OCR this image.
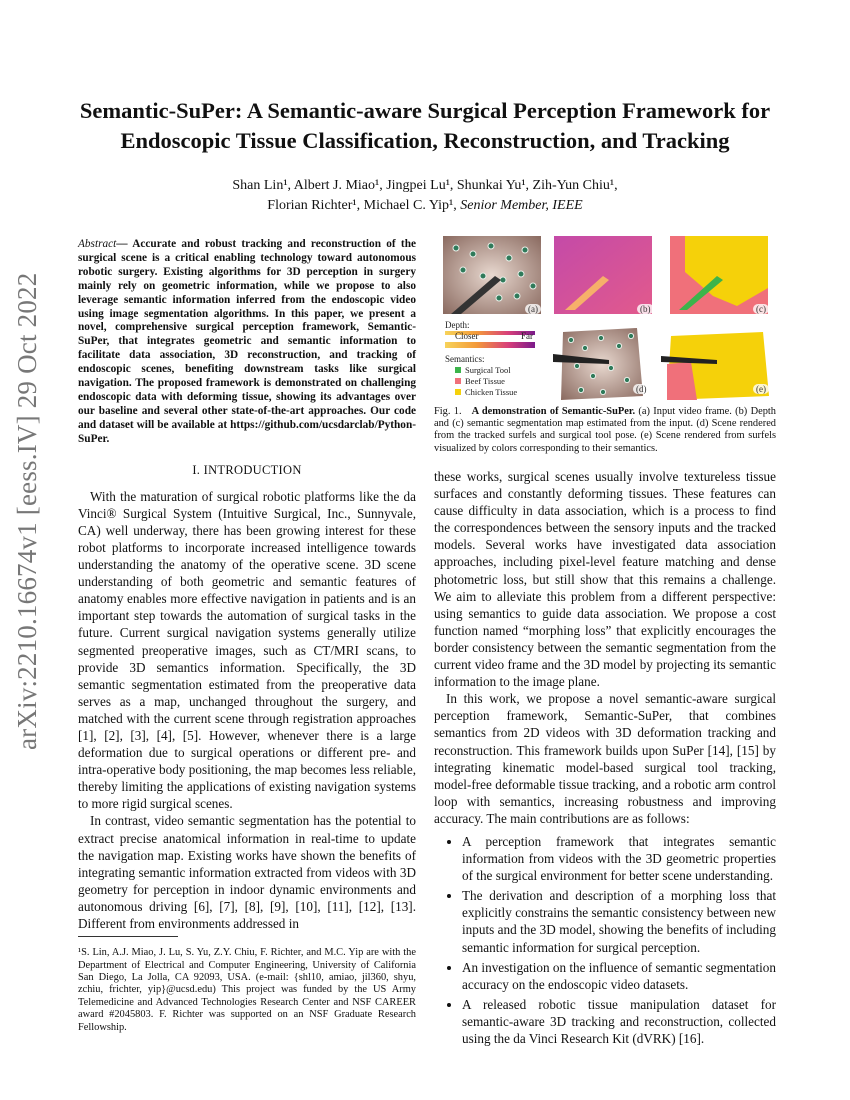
arXiv:2210.16674v1 [eess.IV] 29 Oct 2022
Semantic-SuPer: A Semantic-aware Surgical Perception Framework for
Endoscopic Tissue Classification, Reconstruction, and Tracking
Shan Lin¹, Albert J. Miao¹, Jingpei Lu¹, Shunkai Yu¹, Zih-Yun Chiu¹,
Florian Richter¹, Michael C. Yip¹, Senior Member, IEEE

Abstract— Accurate and robust tracking and reconstruction of the surgical scene is a critical enabling technology toward autonomous robotic surgery. Existing algorithms for 3D perception in surgery mainly rely on geometric information, while we propose to also leverage semantic information inferred from the endoscopic video using image segmentation algorithms. In this paper, we present a novel, comprehensive surgical perception framework, Semantic-SuPer, that integrates geometric and semantic information to facilitate data association, 3D reconstruction, and tracking of endoscopic scenes, benefiting downstream tasks like surgical navigation. The proposed framework is demonstrated on challenging endoscopic data with deforming tissue, showing its advantages over our baseline and several other state-of-the-art approaches. Our code and dataset will be available at https://github.com/ucsdarclab/Python-SuPer.

I. INTRODUCTION

With the maturation of surgical robotic platforms like the da Vinci® Surgical System (Intuitive Surgical, Inc., Sunnyvale, CA) well underway, there has been growing interest for these robot platforms to incorporate increased intelligence towards understanding the anatomy of the operative scene. 3D scene understanding of both geometric and semantic features of anatomy enables more effective navigation in patients and is an important step towards the automation of surgical tasks in the future. Current surgical navigation systems generally utilize segmented preoperative images, such as CT/MRI scans, to provide 3D semantics information. Specifically, the 3D semantic segmentation estimated from the preoperative data serves as a map, unchanged throughout the surgery, and matched with the current scene through registration approaches [1], [2], [3], [4], [5]. However, whenever there is a large deformation due to surgical operations or different pre- and intra-operative body positioning, the map becomes less reliable, thereby limiting the applications of existing navigation systems to more rigid surgical scenes.

In contrast, video semantic segmentation has the potential to extract precise anatomical information in real-time to update the navigation map. Existing works have shown the benefits of integrating semantic information extracted from videos with 3D geometry for perception in indoor dynamic environments and autonomous driving [6], [7], [8], [9], [10], [11], [12], [13]. Different from environments addressed in

¹S. Lin, A.J. Miao, J. Lu, S. Yu, Z.Y. Chiu, F. Richter, and M.C. Yip are with the Department of Electrical and Computer Engineering, University of California San Diego, La Jolla, CA 92093, USA. (e-mail: {shl10, amiao, jil360, shyu, zchiu, frichter, yip}@ucsd.edu) This project was funded by the US Army Telemedicine and Advanced Technologies Research Center and NSF CAREER award #2045803. F. Richter was supported on an NSF Graduate Research Fellowship.
Depth:
Closer	Far
Semantics:
Surgical Tool
Beef Tissue
Chicken Tissue
(a)	(b)	(c)
(d)	(e)
Fig. 1. A demonstration of Semantic-SuPer. (a) Input video frame. (b) Depth and (c) semantic segmentation map estimated from the input. (d) Scene rendered from the tracked surfels and surgical tool pose. (e) Scene rendered from surfels visualized by colors corresponding to their semantics.

these works, surgical scenes usually involve textureless tissue surfaces and constantly deforming tissues. These features can cause difficulty in data association, which is a process to find the correspondences between the sensory inputs and the tracked models. Several works have investigated data association approaches, including pixel-level feature matching and dense photometric loss, but still show that this remains a challenge. We aim to alleviate this problem from a different perspective: using semantics to guide data association. We propose a cost function named “morphing loss” that explicitly encourages the border consistency between the semantic segmentation from the current video frame and the 3D model by projecting its semantic information to the image plane.

In this work, we propose a novel semantic-aware surgical perception framework, Semantic-SuPer, that combines semantics from 2D videos with 3D deformation tracking and reconstruction. This framework builds upon SuPer [14], [15] by integrating kinematic model-based surgical tool tracking, model-free deformable tissue tracking, and a robotic arm control loop with semantics, increasing robustness and improving accuracy. The main contributions are as follows:

• A perception framework that integrates semantic information from videos with the 3D geometric properties of the surgical environment for better scene understanding.
• The derivation and description of a morphing loss that explicitly constrains the semantic consistency between new inputs and the 3D model, showing the benefits of including semantic information for surgical perception.
• An investigation on the influence of semantic segmentation accuracy on the endoscopic video datasets.
• A released robotic tissue manipulation dataset for semantic-aware 3D tracking and reconstruction, collected using the da Vinci Research Kit (dVRK) [16].
